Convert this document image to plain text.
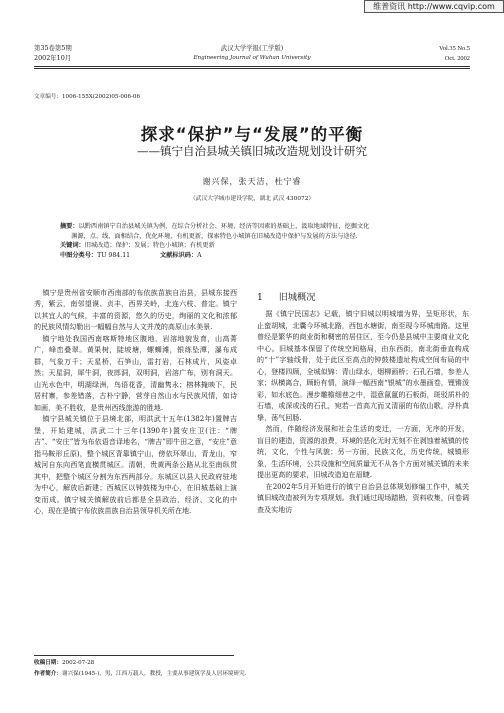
维普资讯 http://www.cqvip.com
第35卷第5期
2002年10月
武汉大学学报(工学版)
Engineering Journal of Wuhan University
Vol.35 No.5
Oct. 2002
文章编号：1006-155X(2002)05-006-06
探求“保护”与“发展”的平衡
——镇宁自治县城关镇旧城改造规划设计研究
谢兴保，张天洁，杜宁睿
（武汉大学城市建设学院，湖北 武汉 430072）
摘要：以黔西南镇宁自治县城关镇为例，在综合分析社会、环境、经济等因素的基础上，汲取地域特征，挖掘文化
渊源，点、线、面相结合，优化环境，有机更新，探索特色小城镇在旧城改造中保护与发展的方法与途径.
关键词：旧城改造；保护；发展；特色小城镇；有机更新
中图分类号：TU 984.11	文献标识码：A

镇宁是贵州省安顺市西南部的布依族苗族自治县，县城东接西秀，紫云，南邻望谟、贞丰，西界关岭，北连六枝、普定。镇宁以其宜人的气候，丰富的资源，悠久的历史，绚丽的文化和浓郁的民族风情勾勒出一幅幅自然与人文并茂的高原山水美景.

镇宁地处我国西南喀斯特地区腹地，岩溶地貌发育，山高菁广，峰峦叠翠。黄果树，陡坡塘，螺蛳滩，银练坠潭，瀑布成群，气象万千；天星桥，石笋山，雷打岩，石林成片，风姿卓然；天星洞，犀牛洞，夜郎洞，双明洞，岩溶广布，别有洞天。山光水色中，明湖绿洲，鸟语花香，清幽隽永；榕林掩映下，民居村寨，参差错落，古朴宁静，营芽自然山水与民族风情，如诗如画，美不胜收，是贵州西线旅游的胜地.

镇宁县城关镇位于县境北部，明洪武十五年(1382年)置牌吉堡，开始建城，洪武二十三年(1390年)置安庄卫(注：“牌吉”、“安庄”皆为布依语音译地名，“牌吉”即牛田之意，“安庄”意指马鞍形丘原)，整个城区背靠镇宁山，傍依环翠山，青龙山，窄城河自东向西笔直横贯城区。清朝，贵黄两条公路从北至南纵贯其中，把整个城区分割为东西两部分。东城区以县人民政府驻地为中心，解放后新建；西城区以钟鼓楼为中心，在旧城基础上演变而成。镇宁城关镇解放前后都是全县政治、经济、文化的中心，现在是镇宁布依族苗族自治县领导机关所在地.

1 旧城概况

据《镇宁民国志》记载，镇宁旧城以明城墙为界，呈矩形状，东止蛮胡城，北囊今环城北路，西包水塘街，南至现今环城南路。这里曾经是繁华的商业街和稠密的居住区，至今仍是县城中主要商业文化中心。旧城基本保留了传统空间格局，由东西街，南北街垂直构成的“十”字轴线骨，处于此区至高点的钟鼓楼遗址构成空间布局的中心，登楼四顾，全城似锦：青山绿水，烟柳画桥；石孔石墙，参差人家；纵横离合，顾盼有情，演绎一幅西南“银城”的水墨画卷，锂锵泼彩，如水底色。漫步雕檐细巷之中，湿意氤氲的石板街，斑驳质朴的石墙，或深或浅的石孔，宛若一首高亢而又清丽的布依山歌，浮朴真挚，荡气回肠.

然而，伴随经济发展和社会生活的变迁，一方面，无序的开发，盲目的建造，资源的浪费，环境的恶化无时无刻不在剥蚀着城镇的传统，文化，个性与风貌；另一方面，民族文化，历史传统，城镇形象，生活环境，公共设施和空间质量无不从各个方面对城关镇的未来提出更高的要求，旧城改造迫在眉睫.

在2002年5月开始进行的镇宁自治县总体规划修编工作中，城关镇旧城改造被列为专项规划。我们通过现场踏勘，资料收集，问卷调查及实地访

收稿日期：2002-07-28
作者简介：谢兴保(1945-)，男，江西万载人，教授，主要从事建筑学及人居环境研究.
